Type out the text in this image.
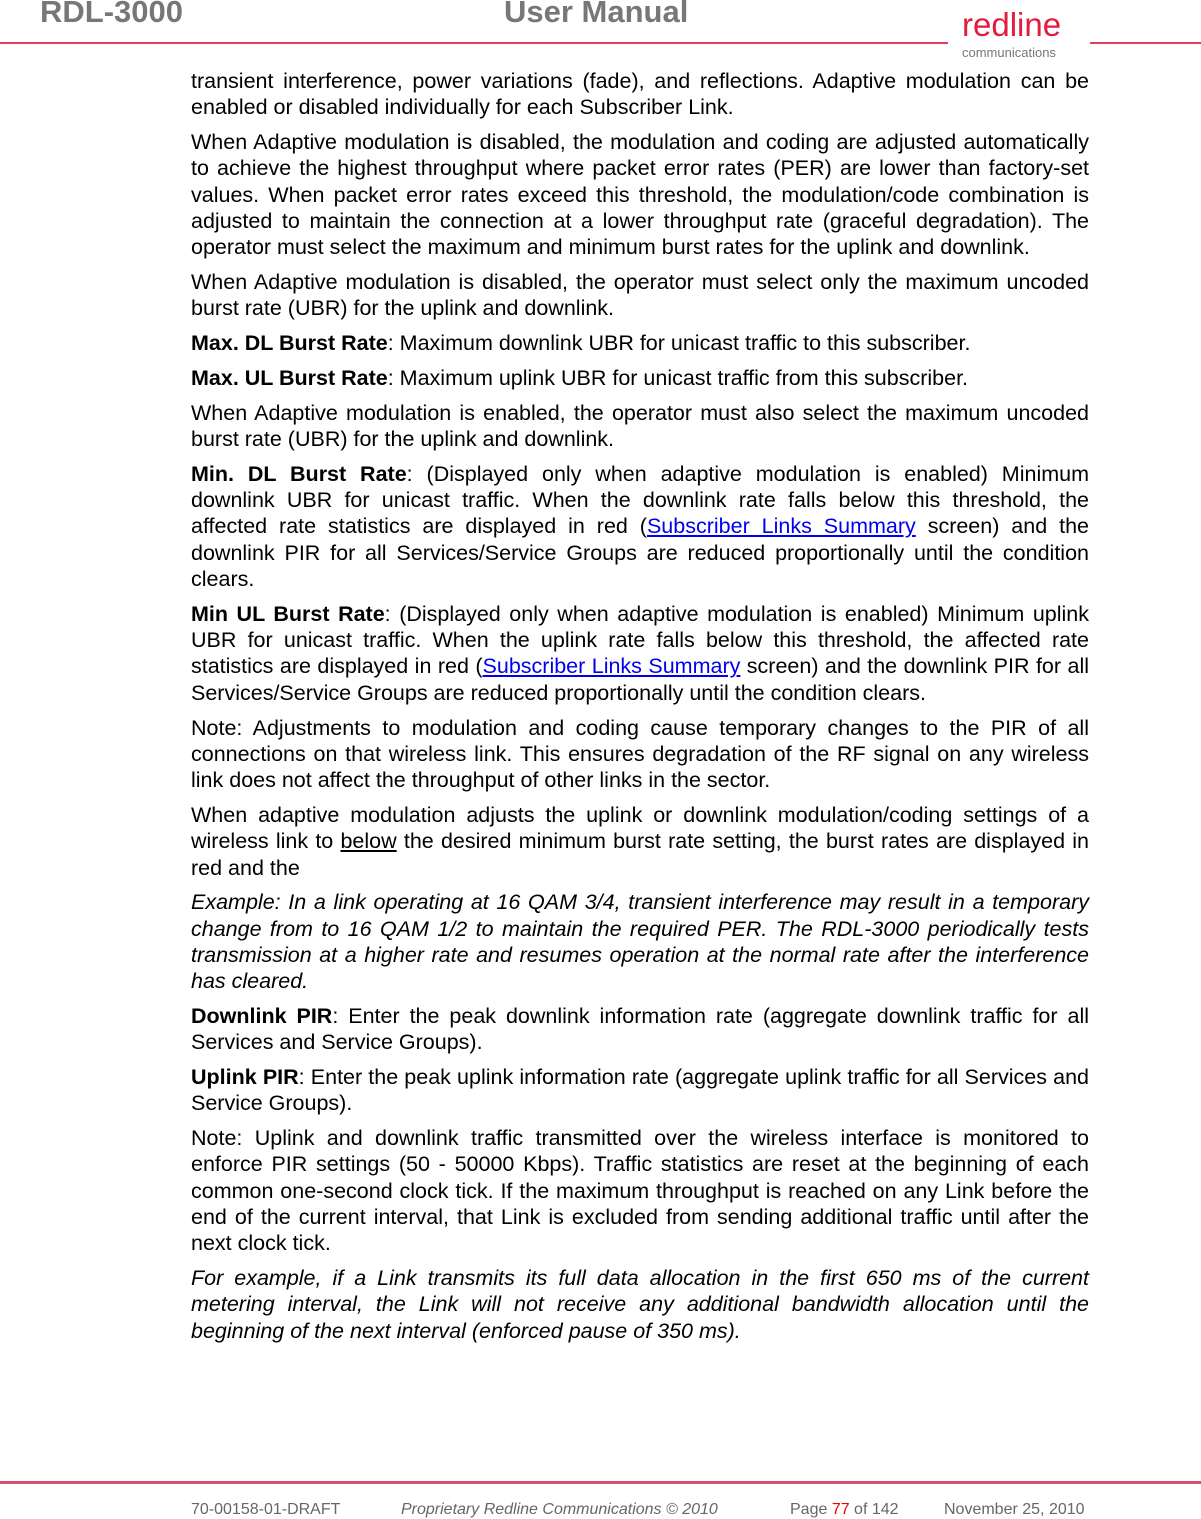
RDL-3000	User Manual	redline
communications

transient interference, power variations (fade), and reflections. Adaptive modulation can be enabled or disabled individually for each Subscriber Link.

When Adaptive modulation is disabled, the modulation and coding are adjusted automatically to achieve the highest throughput where packet error rates (PER) are lower than factory-set values. When packet error rates exceed this threshold, the modulation/code combination is adjusted to maintain the connection at a lower throughput rate (graceful degradation). The operator must select the maximum and minimum burst rates for the uplink and downlink.

When Adaptive modulation is disabled, the operator must select only the maximum uncoded burst rate (UBR) for the uplink and downlink.

Max. DL Burst Rate: Maximum downlink UBR for unicast traffic to this subscriber.

Max. UL Burst Rate: Maximum uplink UBR for unicast traffic from this subscriber.

When Adaptive modulation is enabled, the operator must also select the maximum uncoded burst rate (UBR) for the uplink and downlink.

Min. DL Burst Rate: (Displayed only when adaptive modulation is enabled) Minimum downlink UBR for unicast traffic. When the downlink rate falls below this threshold, the affected rate statistics are displayed in red (Subscriber Links Summary screen) and the downlink PIR for all Services/Service Groups are reduced proportionally until the condition clears.

Min UL Burst Rate: (Displayed only when adaptive modulation is enabled) Minimum uplink UBR for unicast traffic. When the uplink rate falls below this threshold, the affected rate statistics are displayed in red (Subscriber Links Summary screen) and the downlink PIR for all Services/Service Groups are reduced proportionally until the condition clears.

Note: Adjustments to modulation and coding cause temporary changes to the PIR of all connections on that wireless link. This ensures degradation of the RF signal on any wireless link does not affect the throughput of other links in the sector.

When adaptive modulation adjusts the uplink or downlink modulation/coding settings of a wireless link to below the desired minimum burst rate setting, the burst rates are displayed in red and the

Example: In a link operating at 16 QAM 3/4, transient interference may result in a temporary change from to 16 QAM 1/2 to maintain the required PER. The RDL-3000 periodically tests transmission at a higher rate and resumes operation at the normal rate after the interference has cleared.

Downlink PIR: Enter the peak downlink information rate (aggregate downlink traffic for all Services and Service Groups).

Uplink PIR: Enter the peak uplink information rate (aggregate uplink traffic for all Services and Service Groups).

Note: Uplink and downlink traffic transmitted over the wireless interface is monitored to enforce PIR settings (50 - 50000 Kbps). Traffic statistics are reset at the beginning of each common one-second clock tick. If the maximum throughput is reached on any Link before the end of the current interval, that Link is excluded from sending additional traffic until after the next clock tick.

For example, if a Link transmits its full data allocation in the first 650 ms of the current metering interval, the Link will not receive any additional bandwidth allocation until the beginning of the next interval (enforced pause of 350 ms).

70-00158-01-DRAFT	Proprietary Redline Communications © 2010	Page 77 of 142	November 25, 2010
